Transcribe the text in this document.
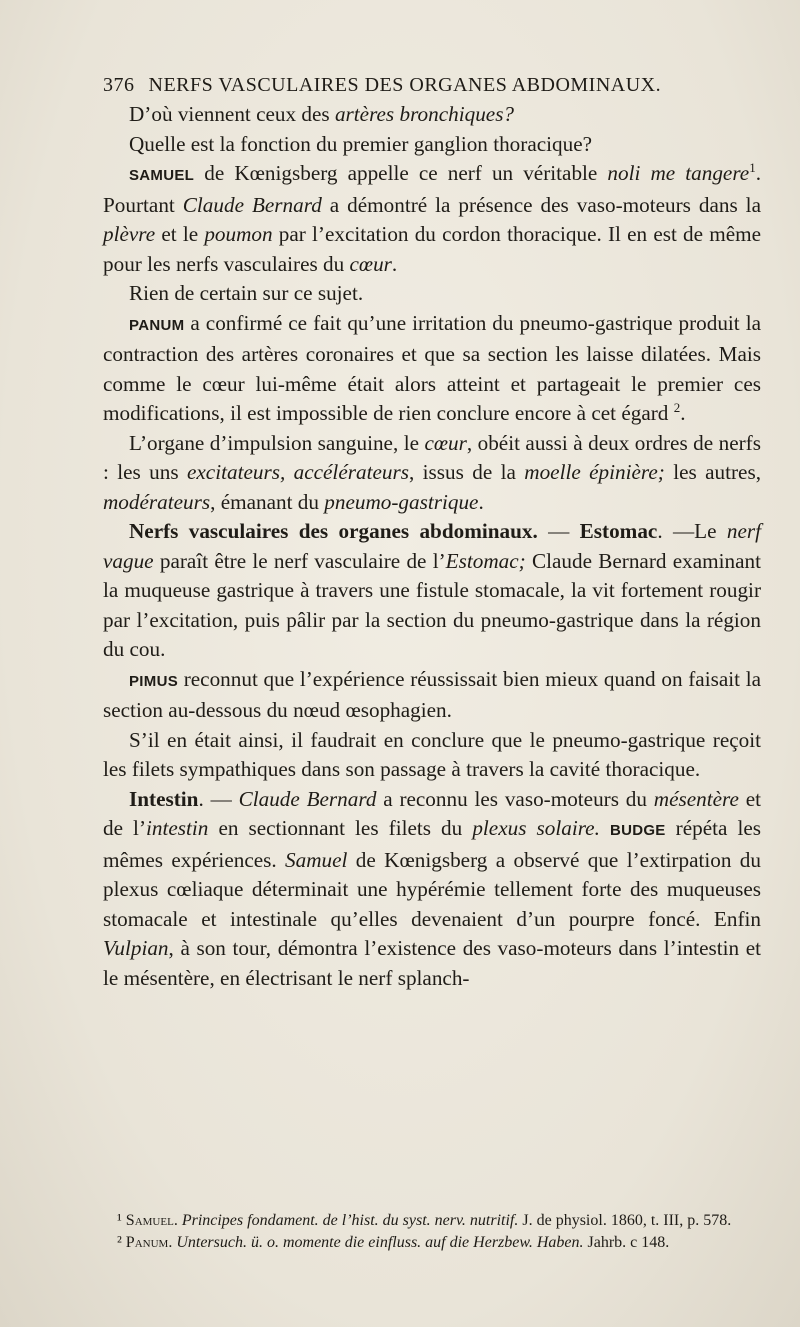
376 NERFS VASCULAIRES DES ORGANES ABDOMINAUX.

D’où viennent ceux des artères bronchiques?

Quelle est la fonction du premier ganglion thoracique?

SAMUEL de Kœnigsberg appelle ce nerf un véritable noli me tangere$^1$. Pourtant Claude Bernard a démontré la présence des vaso-moteurs dans la plèvre et le poumon par l’excitation du cordon thoracique. Il en est de même pour les nerfs vasculaires du cœur.

Rien de certain sur ce sujet.

PANUM a confirmé ce fait qu’une irritation du pneumo-gastrique produit la contraction des artères coronaires et que sa section les laisse dilatées. Mais comme le cœur lui-même était alors atteint et partageait le premier ces modifications, il est impossible de rien conclure encore à cet égard $^2$.

L’organe d’impulsion sanguine, le cœur, obéit aussi à deux ordres de nerfs : les uns excitateurs, accélérateurs, issus de la moelle épinière; les autres, modérateurs, émanant du pneumo-gastrique.

Nerfs vasculaires des organes abdominaux. — Estomac. —Le nerf vague paraît être le nerf vasculaire de l’Estomac; Claude Bernard examinant la muqueuse gastrique à travers une fistule stomacale, la vit fortement rougir par l’excitation, puis pâlir par la section du pneumo-gastrique dans la région du cou.

PIMUS reconnut que l’expérience réussissait bien mieux quand on faisait la section au-dessous du nœud œsophagien.

S’il en était ainsi, il faudrait en conclure que le pneumo-gastrique reçoit les filets sympathiques dans son passage à travers la cavité thoracique.

Intestin. — Claude Bernard a reconnu les vaso-moteurs du mésentère et de l’intestin en sectionnant les filets du plexus solaire. BUDGE répéta les mêmes expériences. Samuel de Kœnigsberg a observé que l’extirpation du plexus cœliaque déterminait une hypérémie tellement forte des muqueuses stomacale et intestinale qu’elles devenaient d’un pourpre foncé. Enfin Vulpian, à son tour, démontra l’existence des vaso-moteurs dans l’intestin et le mésentère, en électrisant le nerf splanch-

¹ Samuel. Principes fondament. de l’hist. du syst. nerv. nutritif. J. de physiol. 1860, t. III, p. 578.

² Panum. Untersuch. ü. o. momente die einfluss. auf die Herzbew. Haben. Jahrb. c 148.
